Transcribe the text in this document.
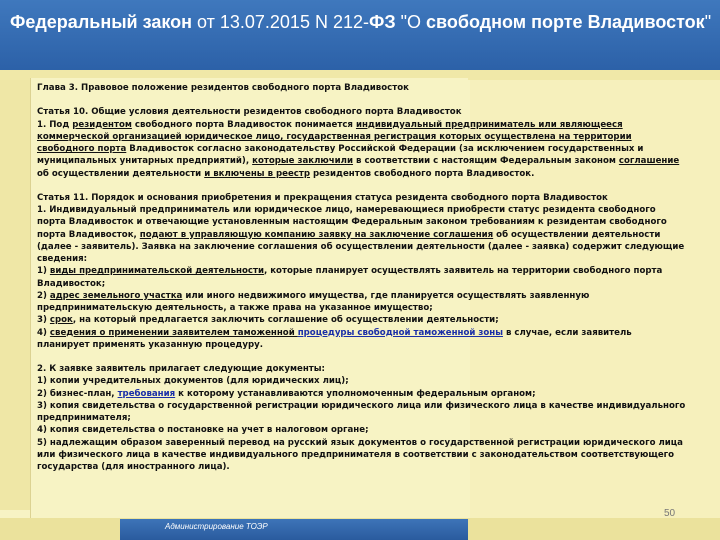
Федеральный закон от 13.07.2015 N 212-ФЗ "О свободном порте Владивосток"

Глава 3. Правовое положение резидентов свободного порта Владивосток

Статья 10. Общие условия деятельности резидентов свободного порта Владивосток

1. Под резидентом свободного порта Владивосток понимается индивидуальный предприниматель или являющееся коммерческой организацией юридическое лицо, государственная регистрация которых осуществлена на территории свободного порта Владивосток согласно законодательству Российской Федерации (за исключением государственных и муниципальных унитарных предприятий), которые заключили в соответствии с настоящим Федеральным законом соглашение об осуществлении деятельности и включены в реестр резидентов свободного порта Владивосток.

Статья 11. Порядок и основания приобретения и прекращения статуса резидента свободного порта Владивосток

1. Индивидуальный предприниматель или юридическое лицо, намеревающиеся приобрести статус резидента свободного порта Владивосток и отвечающие установленным настоящим Федеральным законом требованиям к резидентам свободного порта Владивосток, подают в управляющую компанию заявку на заключение соглашения об осуществлении деятельности (далее - заявитель). Заявка на заключение соглашения об осуществлении деятельности (далее - заявка) содержит следующие сведения:

1) виды предпринимательской деятельности, которые планирует осуществлять заявитель на территории свободного порта Владивосток;

2) адрес земельного участка или иного недвижимого имущества, где планируется осуществлять заявленную предпринимательскую деятельность, а также права на указанное имущество;

3) срок, на который предлагается заключить соглашение об осуществлении деятельности;

4) сведения о применении заявителем таможенной процедуры свободной таможенной зоны в случае, если заявитель планирует применять указанную процедуру.

2. К заявке заявитель прилагает следующие документы:

1) копии учредительных документов (для юридических лиц);

2) бизнес-план, требования к которому устанавливаются уполномоченным федеральным органом;

3) копия свидетельства о государственной регистрации юридического лица или физического лица в качестве индивидуального предпринимателя;

4) копия свидетельства о постановке на учет в налоговом органе;

5) надлежащим образом заверенный перевод на русский язык документов о государственной регистрации юридического лица или физического лица в качестве индивидуального предпринимателя в соответствии с законодательством соответствующего государства (для иностранного лица).

Администрирование ТОЭР
50
